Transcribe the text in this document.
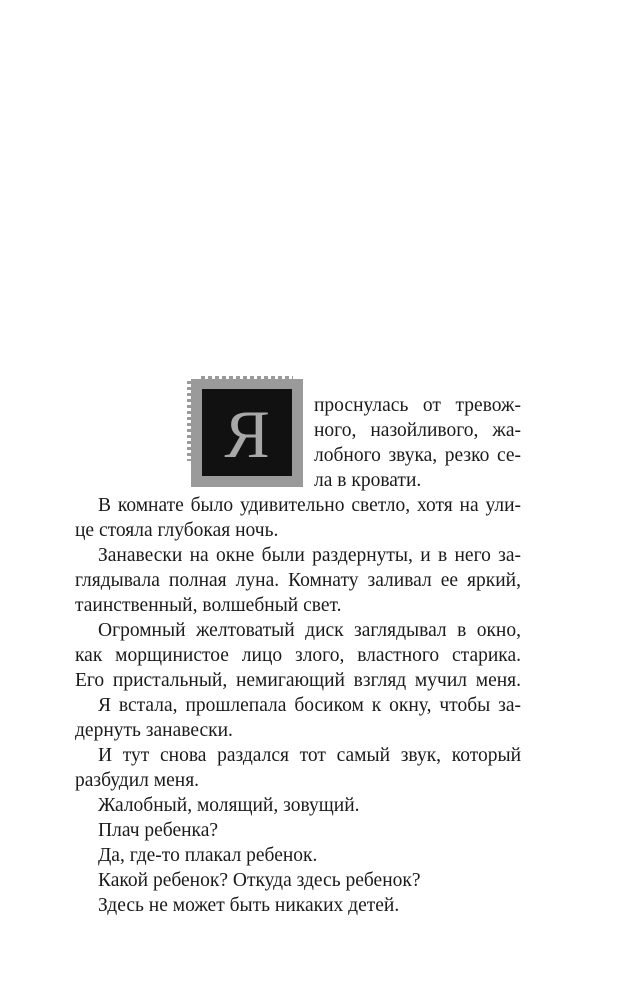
Я проснулась от тревож-
ного, назойливого, жа-
лобного звука, резко се-
ла в кровати.
В комнате было удивительно светло, хотя на ули-
це стояла глубокая ночь.
Занавески на окне были раздернуты, и в него за-
глядывала полная луна. Комнату заливал ее яркий,
таинственный, волшебный свет.
Огромный желтоватый диск заглядывал в окно,
как морщинистое лицо злого, властного старика.
Его пристальный, немигающий взгляд мучил меня.
Я встала, прошлепала босиком к окну, чтобы за-
дернуть занавески.
И тут снова раздался тот самый звук, который
разбудил меня.
Жалобный, молящий, зовущий.
Плач ребенка?
Да, где-то плакал ребенок.
Какой ребенок? Откуда здесь ребенок?
Здесь не может быть никаких детей.
